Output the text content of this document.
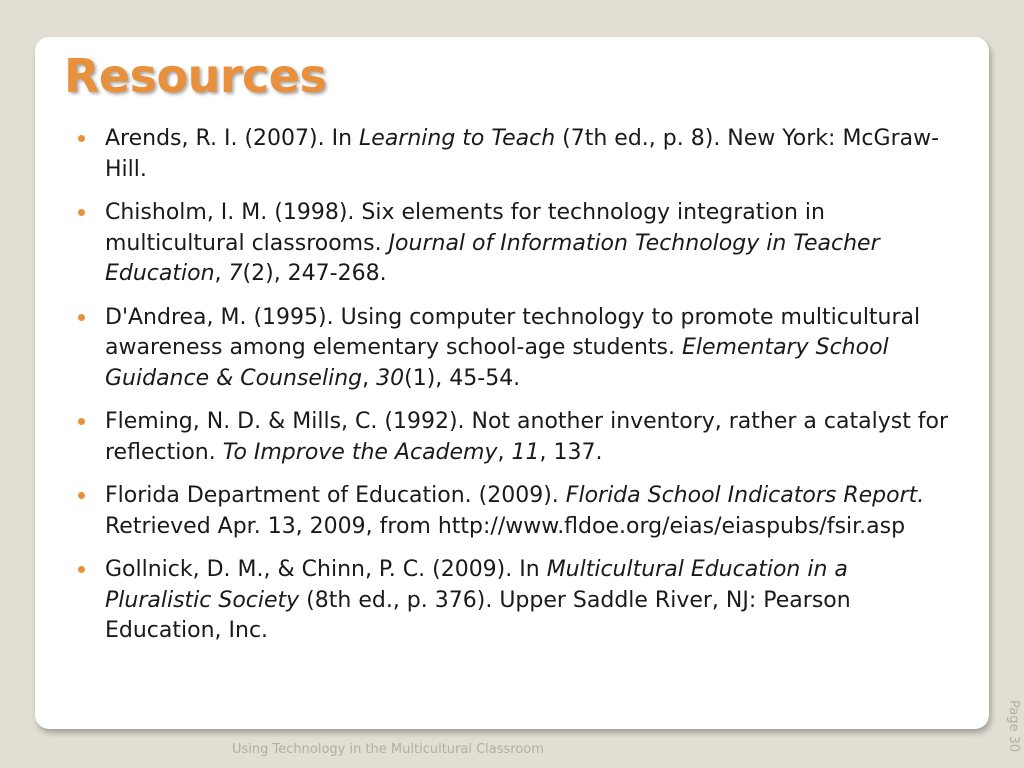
Resources
Arends, R. I. (2007). In Learning to Teach (7th ed., p. 8). New York: McGraw-Hill.
Chisholm, I. M. (1998). Six elements for technology integration in multicultural classrooms. Journal of Information Technology in Teacher Education, 7(2), 247-268.
D'Andrea, M. (1995). Using computer technology to promote multicultural awareness among elementary school-age students. Elementary School Guidance & Counseling, 30(1), 45-54.
Fleming, N. D. & Mills, C. (1992). Not another inventory, rather a catalyst for reflection. To Improve the Academy, 11, 137.
Florida Department of Education. (2009). Florida School Indicators Report. Retrieved Apr. 13, 2009, from http://www.fldoe.org/eias/eiaspubs/fsir.asp
Gollnick, D. M., & Chinn, P. C. (2009). In Multicultural Education in a Pluralistic Society (8th ed., p. 376). Upper Saddle River, NJ: Pearson Education, Inc.
Page 30
Using Technology in the Multicultural Classroom
